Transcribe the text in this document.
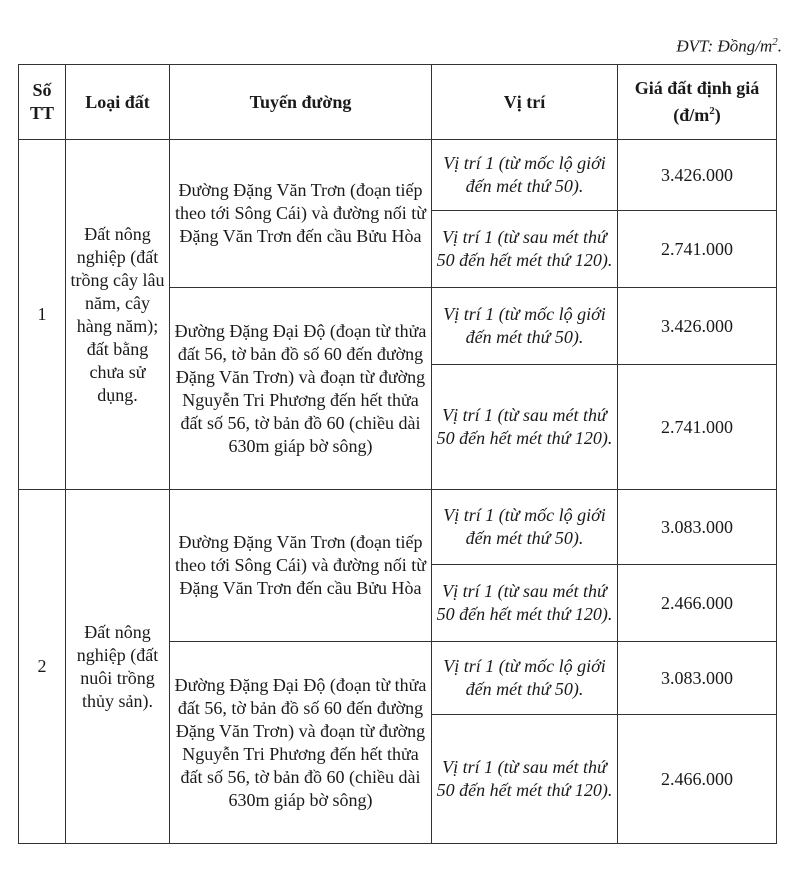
ĐVT: Đồng/$m^2$.
Số
TT	Loại đất	Tuyến đường	Vị trí	Giá đất định giá $(đ/m^2)$
1	Đất nông nghiệp (đất trồng cây lâu năm, cây hàng năm); đất bằng chưa sử dụng.	Đường Đặng Văn Trơn (đoạn tiếp theo tới Sông Cái) và đường nối từ Đặng Văn Trơn đến cầu Bửu Hòa	Vị trí 1 (từ mốc lộ giới đến mét thứ 50).	3.426.000
			Vị trí 1 (từ sau mét thứ 50 đến hết mét thứ 120).	2.741.000
		Đường Đặng Đại Độ (đoạn từ thửa đất 56, tờ bản đồ số 60 đến đường Đặng Văn Trơn) và đoạn từ đường Nguyễn Tri Phương đến hết thửa đất số 56, tờ bản đồ 60 (chiều dài 630m giáp bờ sông)	Vị trí 1 (từ mốc lộ giới đến mét thứ 50).	3.426.000
			Vị trí 1 (từ sau mét thứ 50 đến hết mét thứ 120).	2.741.000
2	Đất nông nghiệp (đất nuôi trồng thủy sản).	Đường Đặng Văn Trơn (đoạn tiếp theo tới Sông Cái) và đường nối từ Đặng Văn Trơn đến cầu Bửu Hòa	Vị trí 1 (từ mốc lộ giới đến mét thứ 50).	3.083.000
			Vị trí 1 (từ sau mét thứ 50 đến hết mét thứ 120).	2.466.000
		Đường Đặng Đại Độ (đoạn từ thửa đất 56, tờ bản đồ số 60 đến đường Đặng Văn Trơn) và đoạn từ đường Nguyễn Tri Phương đến hết thửa đất số 56, tờ bản đồ 60 (chiều dài 630m giáp bờ sông)	Vị trí 1 (từ mốc lộ giới đến mét thứ 50).	3.083.000
			Vị trí 1 (từ sau mét thứ 50 đến hết mét thứ 120).	2.466.000
